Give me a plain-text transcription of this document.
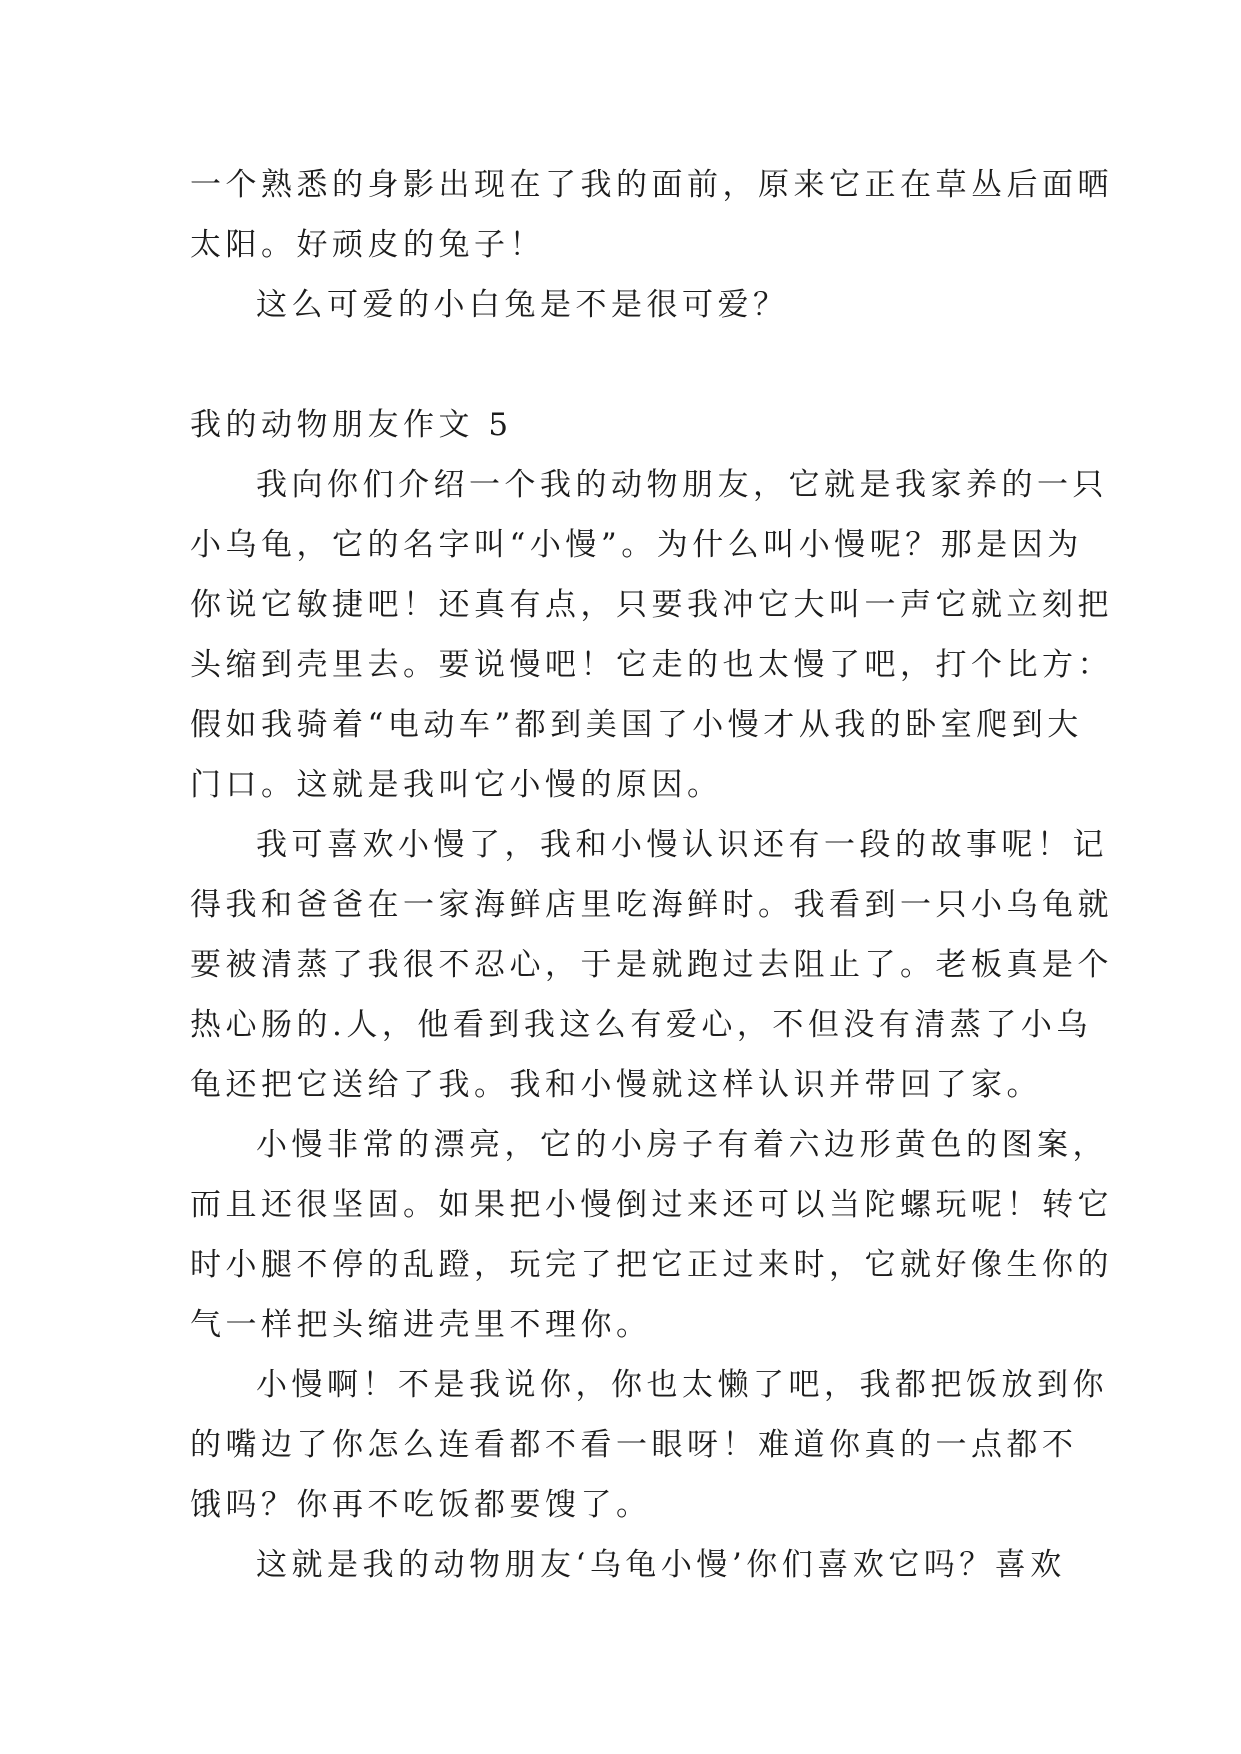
一个熟悉的身影出现在了我的面前，原来它正在草丛后面晒
太阳。好顽皮的兔子！
这么可爱的小白兔是不是很可爱？
我的动物朋友作文 5
我向你们介绍一个我的动物朋友，它就是我家养的一只
小乌龟，它的名字叫“小慢”。为什么叫小慢呢？那是因为
你说它敏捷吧！还真有点，只要我冲它大叫一声它就立刻把
头缩到壳里去。要说慢吧！它走的也太慢了吧，打个比方：
假如我骑着“电动车”都到美国了小慢才从我的卧室爬到大
门口。这就是我叫它小慢的原因。
我可喜欢小慢了，我和小慢认识还有一段的故事呢！记
得我和爸爸在一家海鲜店里吃海鲜时。我看到一只小乌龟就
要被清蒸了我很不忍心，于是就跑过去阻止了。老板真是个
热心肠的.人，他看到我这么有爱心，不但没有清蒸了小乌
龟还把它送给了我。我和小慢就这样认识并带回了家。
小慢非常的漂亮，它的小房子有着六边形黄色的图案，
而且还很坚固。如果把小慢倒过来还可以当陀螺玩呢！转它
时小腿不停的乱蹬，玩完了把它正过来时，它就好像生你的
气一样把头缩进壳里不理你。
小慢啊！不是我说你，你也太懒了吧，我都把饭放到你
的嘴边了你怎么连看都不看一眼呀！难道你真的一点都不
饿吗？你再不吃饭都要馊了。
这就是我的动物朋友‘乌龟小慢’你们喜欢它吗？喜欢
